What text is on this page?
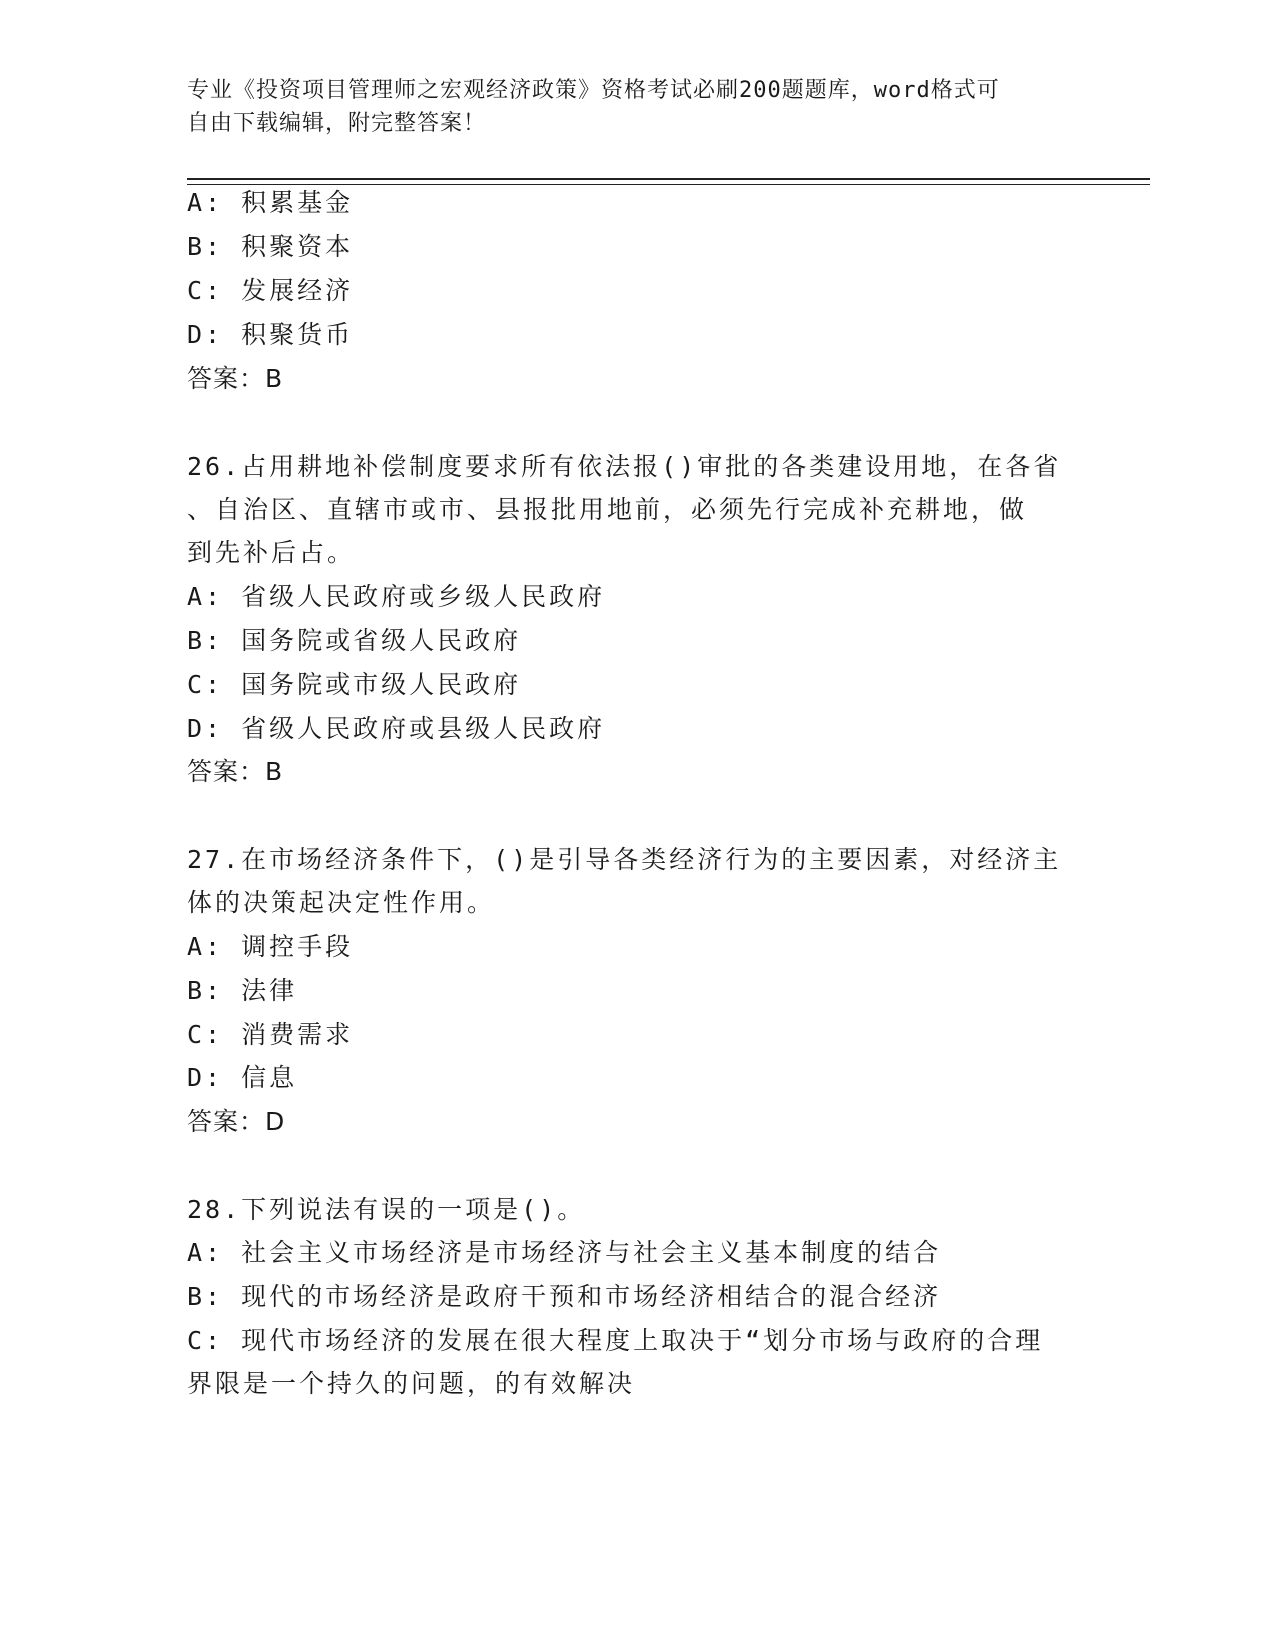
专业《投资项目管理师之宏观经济政策》资格考试必刷200题题库，word格式可
自由下载编辑，附完整答案！
A: 积累基金
B: 积聚资本
C: 发展经济
D: 积聚货币
答案：B
26.占用耕地补偿制度要求所有依法报()审批的各类建设用地，在各省
、自治区、直辖市或市、县报批用地前，必须先行完成补充耕地，做
到先补后占。
A: 省级人民政府或乡级人民政府
B: 国务院或省级人民政府
C: 国务院或市级人民政府
D: 省级人民政府或县级人民政府
答案：B
27.在市场经济条件下，()是引导各类经济行为的主要因素，对经济主
体的决策起决定性作用。
A: 调控手段
B: 法律
C: 消费需求
D: 信息
答案：D
28.下列说法有误的一项是()。
A: 社会主义市场经济是市场经济与社会主义基本制度的结合
B: 现代的市场经济是政府干预和市场经济相结合的混合经济
C: 现代市场经济的发展在很大程度上取决于“划分市场与政府的合理
界限是一个持久的问题，的有效解决
